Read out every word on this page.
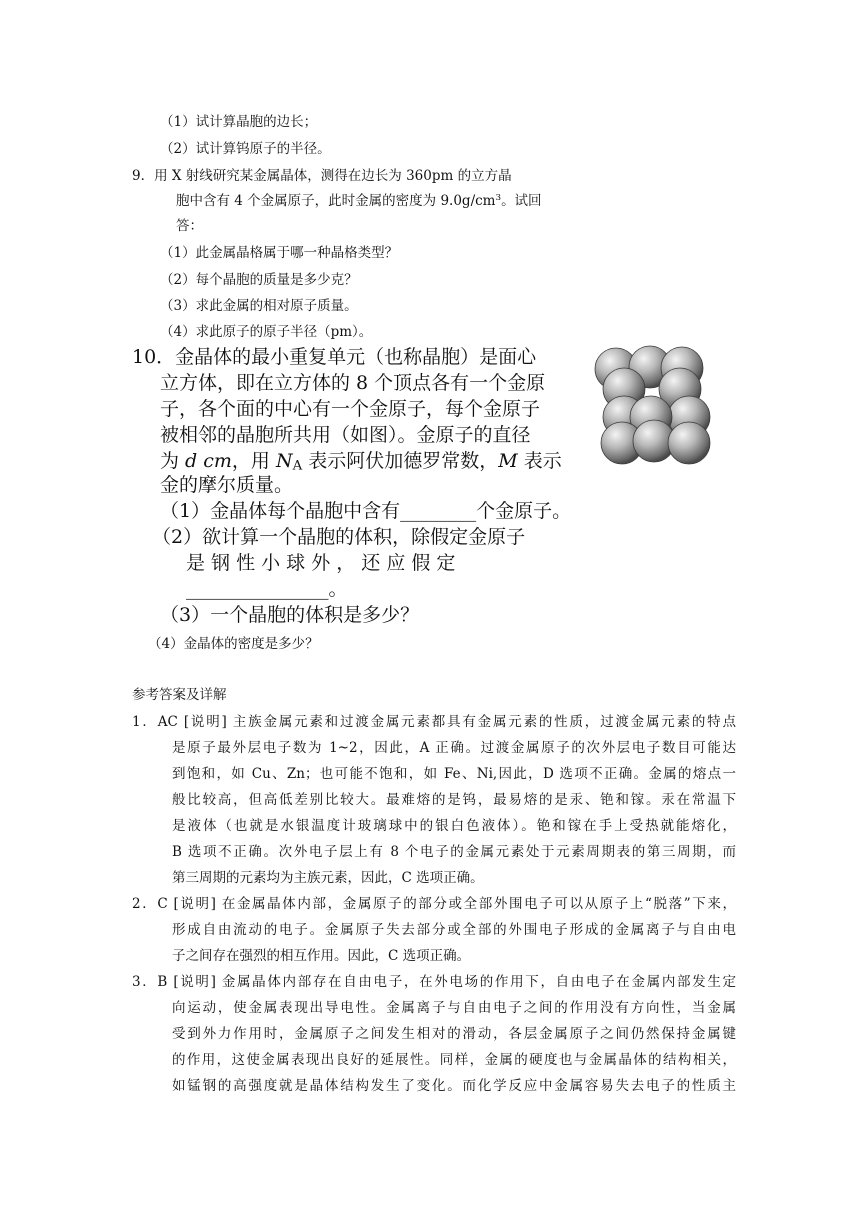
（1）试计算晶胞的边长；
（2）试计算钨原子的半径。
9．用 X 射线研究某金属晶体，测得在边长为 360pm 的立方晶
胞中含有 4 个金属原子，此时金属的密度为 $9.0g/cm^3$。试回
答：
（1）此金属晶格属于哪一种晶格类型？
（2）每个晶胞的质量是多少克？
（3）求此金属的相对原子质量。
（4）求此原子的原子半径（pm）。
10．金晶体的最小重复单元（也称晶胞）是面心
立方体，即在立方体的 8 个顶点各有一个金原
子，各个面的中心有一个金原子，每个金原子
被相邻的晶胞所共用（如图）。金原子的直径
为 d cm，用 $N_A$ 表示阿伏加德罗常数，M 表示
金的摩尔质量。
（1）金晶体每个晶胞中含有________个金原子。
（2）欲计算一个晶胞的体积，除假定金原子
是 钢 性 小 球 外 ， 还 应 假 定
_______________。
（3）一个晶胞的体积是多少？
（4）金晶体的密度是多少？
参考答案及详解
1．AC [说明] 主族金属元素和过渡金属元素都具有金属元素的性质，过渡金属元素的特点
是原子最外层电子数为 1~2，因此，A 正确。过渡金属原子的次外层电子数目可能达
到饱和，如 Cu、Zn；也可能不饱和，如 Fe、Ni,因此，D 选项不正确。金属的熔点一
般比较高，但高低差别比较大。最难熔的是钨，最易熔的是汞、铯和镓。汞在常温下
是液体（也就是水银温度计玻璃球中的银白色液体）。铯和镓在手上受热就能熔化，
B 选项不正确。次外电子层上有 8 个电子的金属元素处于元素周期表的第三周期，而
第三周期的元素均为主族元素，因此，C 选项正确。
2．C [说明] 在金属晶体内部，金属原子的部分或全部外围电子可以从原子上“脱落”下来，
形成自由流动的电子。金属原子失去部分或全部的外围电子形成的金属离子与自由电
子之间存在强烈的相互作用。因此，C 选项正确。
3．B [说明] 金属晶体内部存在自由电子，在外电场的作用下，自由电子在金属内部发生定
向运动，使金属表现出导电性。金属离子与自由电子之间的作用没有方向性，当金属
受到外力作用时，金属原子之间发生相对的滑动，各层金属原子之间仍然保持金属键
的作用，这使金属表现出良好的延展性。同样，金属的硬度也与金属晶体的结构相关，
如锰钢的高强度就是晶体结构发生了变化。而化学反应中金属容易失去电子的性质主
